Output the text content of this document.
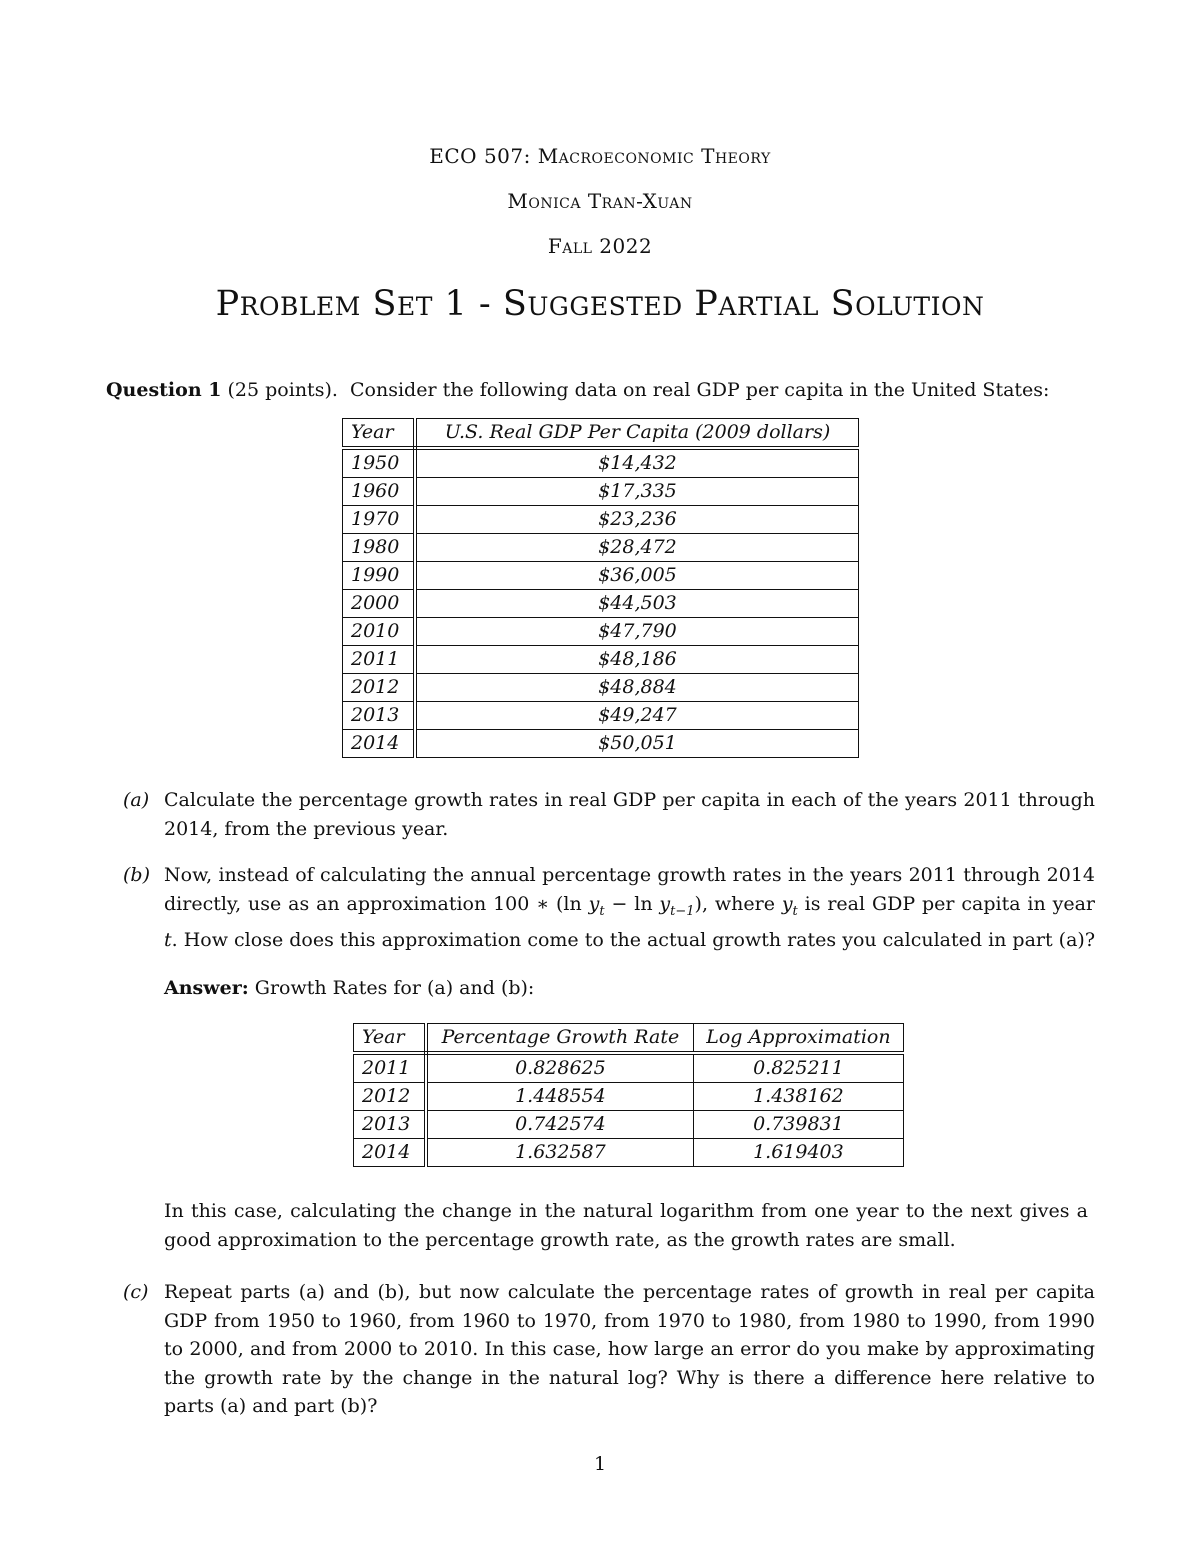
ECO 507: Macroeconomic Theory
Monica Tran-Xuan
Fall 2022
Problem Set 1 - Suggested Partial Solution
Question 1 (25 points). Consider the following data on real GDP per capita in the United States:
Year	U.S. Real GDP Per Capita (2009 dollars)
1950	$14,432
1960	$17,335
1970	$23,236
1980	$28,472
1990	$36,005
2000	$44,503
2010	$47,790
2011	$48,186
2012	$48,884
2013	$49,247
2014	$50,051
(a) Calculate the percentage growth rates in real GDP per capita in each of the years 2011 through 2014, from the previous year.
(b) Now, instead of calculating the annual percentage growth rates in the years 2011 through 2014 directly, use as an approximation 100 ∗ (ln $y_t - \ln y_{t-1}$), where $y_t$ is real GDP per capita in year t. How close does this approximation come to the actual growth rates you calculated in part (a)?
Answer: Growth Rates for (a) and (b):
Year	Percentage Growth Rate	Log Approximation
2011	0.828625	0.825211
2012	1.448554	1.438162
2013	0.742574	0.739831
2014	1.632587	1.619403
In this case, calculating the change in the natural logarithm from one year to the next gives a good approximation to the percentage growth rate, as the growth rates are small.
(c) Repeat parts (a) and (b), but now calculate the percentage rates of growth in real per capita GDP from 1950 to 1960, from 1960 to 1970, from 1970 to 1980, from 1980 to 1990, from 1990 to 2000, and from 2000 to 2010. In this case, how large an error do you make by approximating the growth rate by the change in the natural log? Why is there a difference here relative to parts (a) and part (b)?
1
